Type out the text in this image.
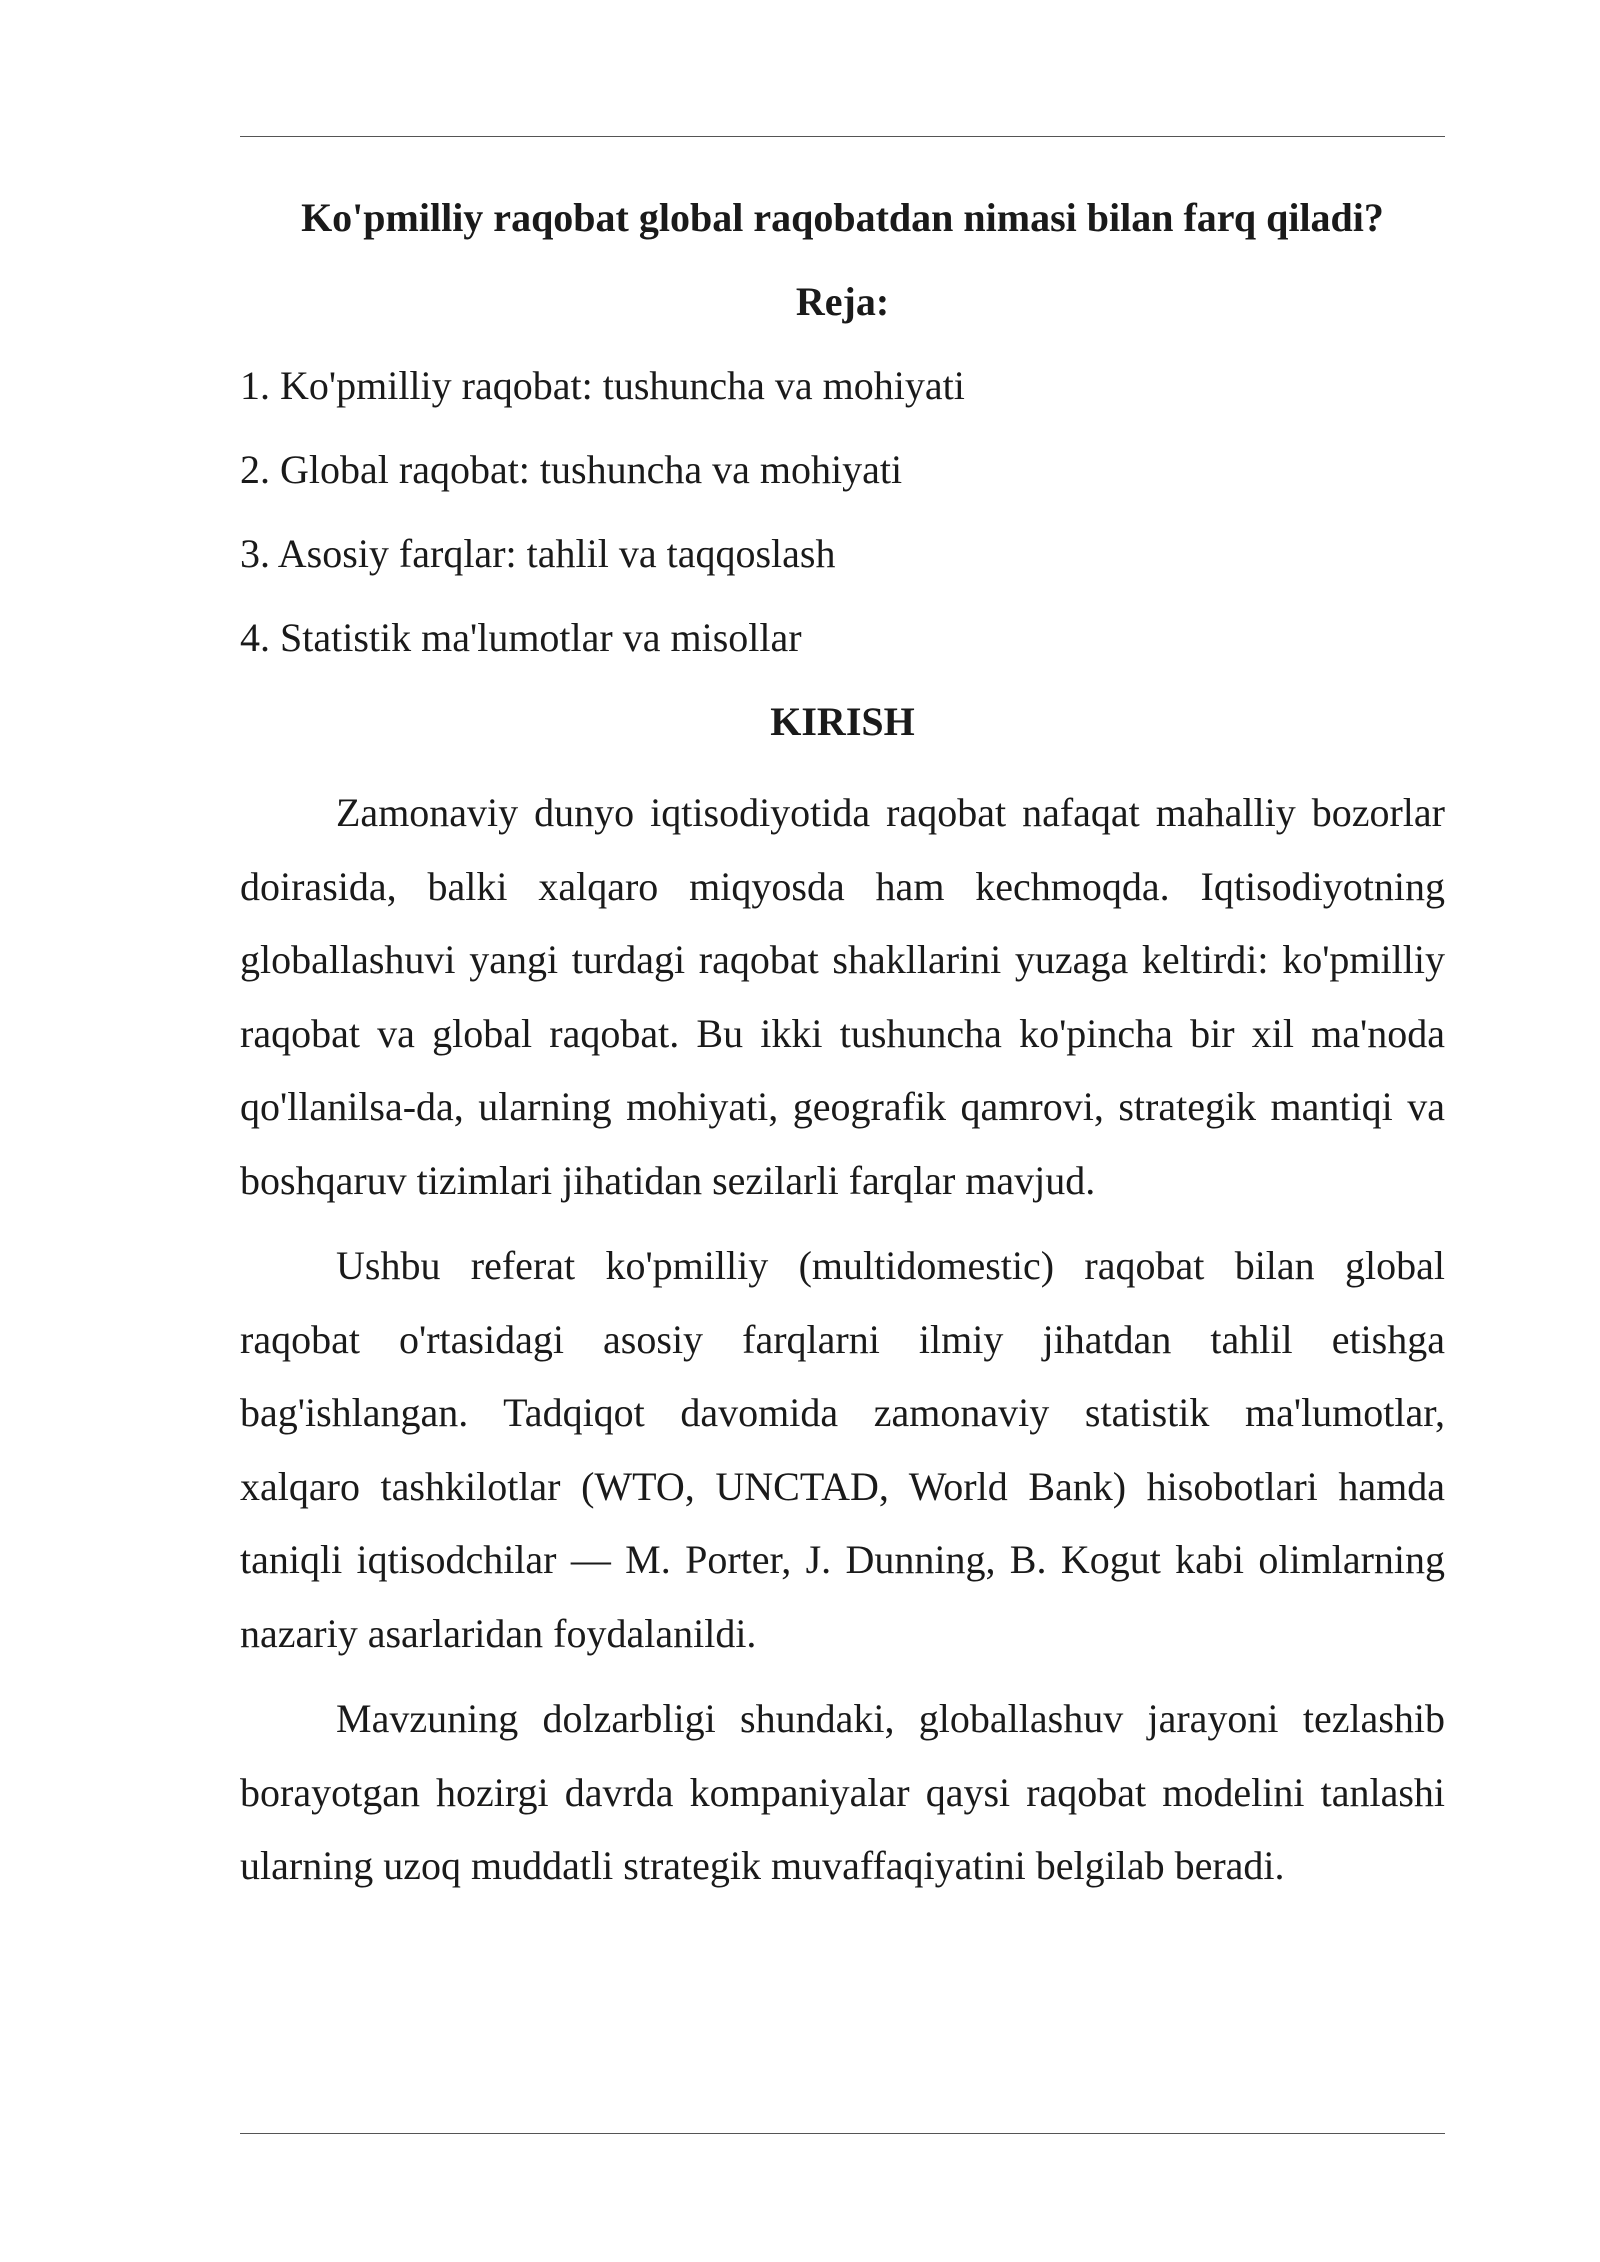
Ko'pmilliy raqobat global raqobatdan nimasi bilan farq qiladi?
Reja:
1. Ko'pmilliy raqobat: tushuncha va mohiyati
2. Global raqobat: tushuncha va mohiyati
3. Asosiy farqlar: tahlil va taqqoslash
4. Statistik ma'lumotlar va misollar
KIRISH

Zamonaviy dunyo iqtisodiyotida raqobat nafaqat mahalliy bozorlar doirasida, balki xalqaro miqyosda ham kechmoqda. Iqtisodiyotning globallashuvi yangi turdagi raqobat shakllarini yuzaga keltirdi: ko'pmilliy raqobat va global raqobat. Bu ikki tushuncha ko'pincha bir xil ma'noda qo'llanilsa-da, ularning mohiyati, geografik qamrovi, strategik mantiqi va boshqaruv tizimlari jihatidan sezilarli farqlar mavjud.

Ushbu referat ko'pmilliy (multidomestic) raqobat bilan global raqobat o'rtasidagi asosiy farqlarni ilmiy jihatdan tahlil etishga bag'ishlangan. Tadqiqot davomida zamonaviy statistik ma'lumotlar, xalqaro tashkilotlar (WTO, UNCTAD, World Bank) hisobotlari hamda taniqli iqtisodchilar — M. Porter, J. Dunning, B. Kogut kabi olimlarning nazariy asarlaridan foydalanildi.

Mavzuning dolzarbligi shundaki, globallashuv jarayoni tezlashib borayotgan hozirgi davrda kompaniyalar qaysi raqobat modelini tanlashi ularning uzoq muddatli strategik muvaffaqiyatini belgilab beradi.
